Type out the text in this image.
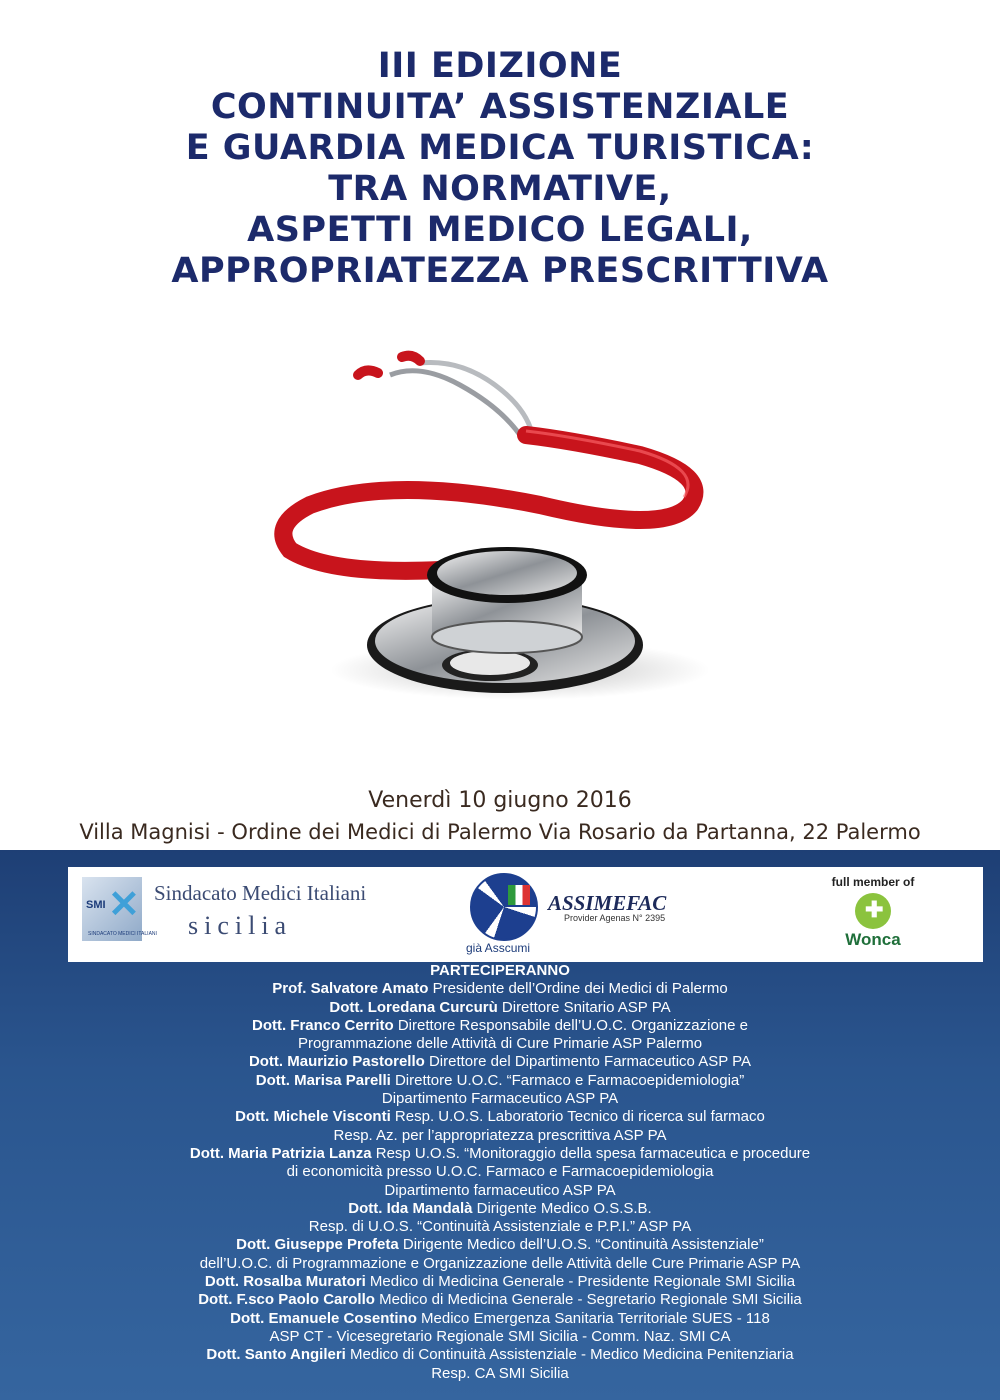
III EDIZIONE
CONTINUITA’ ASSISTENZIALE
E GUARDIA MEDICA TURISTICA:
TRA NORMATIVE,
ASPETTI MEDICO LEGALI,
APPROPRIATEZZA PRESCRITTIVA
Venerdì 10 giugno 2016
Villa Magnisi - Ordine dei Medici di Palermo Via Rosario da Partanna, 22 Palermo
SMI ✕
SINDACATO MEDICI ITALIANI
Sindacato Medici Italiani
sicilia
già Asscumi
ASSIMEFAC
Provider Agenas N° 2395
full member of
✚
Wonca
PARTECIPERANNO
Prof. Salvatore Amato Presidente dell’Ordine dei Medici di Palermo
Dott. Loredana Curcurù Direttore Snitario ASP PA
Dott. Franco Cerrito Direttore Responsabile dell’U.O.C. Organizzazione e
Programmazione delle Attività di Cure Primarie ASP Palermo
Dott. Maurizio Pastorello Direttore del Dipartimento Farmaceutico ASP PA
Dott. Marisa Parelli Direttore U.O.C. “Farmaco e Farmacoepidemiologia”
Dipartimento Farmaceutico ASP PA
Dott. Michele Visconti Resp. U.O.S. Laboratorio Tecnico di ricerca sul farmaco
Resp. Az. per l’appropriatezza prescrittiva ASP PA
Dott. Maria Patrizia Lanza Resp U.O.S. “Monitoraggio della spesa farmaceutica e procedure
di economicità presso U.O.C. Farmaco e Farmacoepidemiologia
Dipartimento farmaceutico ASP PA
Dott. Ida Mandalà Dirigente Medico O.S.S.B.
Resp. di U.O.S. “Continuità Assistenziale e P.P.I.” ASP PA
Dott. Giuseppe Profeta Dirigente Medico dell’U.O.S. “Continuità Assistenziale”
dell’U.O.C. di Programmazione e Organizzazione delle Attività delle Cure Primarie ASP PA
Dott. Rosalba Muratori Medico di Medicina Generale - Presidente Regionale SMI Sicilia
Dott. F.sco Paolo Carollo Medico di Medicina Generale - Segretario Regionale SMI Sicilia
Dott. Emanuele Cosentino Medico Emergenza Sanitaria Territoriale SUES - 118
ASP CT - Vicesegretario Regionale SMI Sicilia - Comm. Naz. SMI CA
Dott. Santo Angileri Medico di Continuità Assistenziale - Medico Medicina Penitenziaria
Resp. CA SMI Sicilia
